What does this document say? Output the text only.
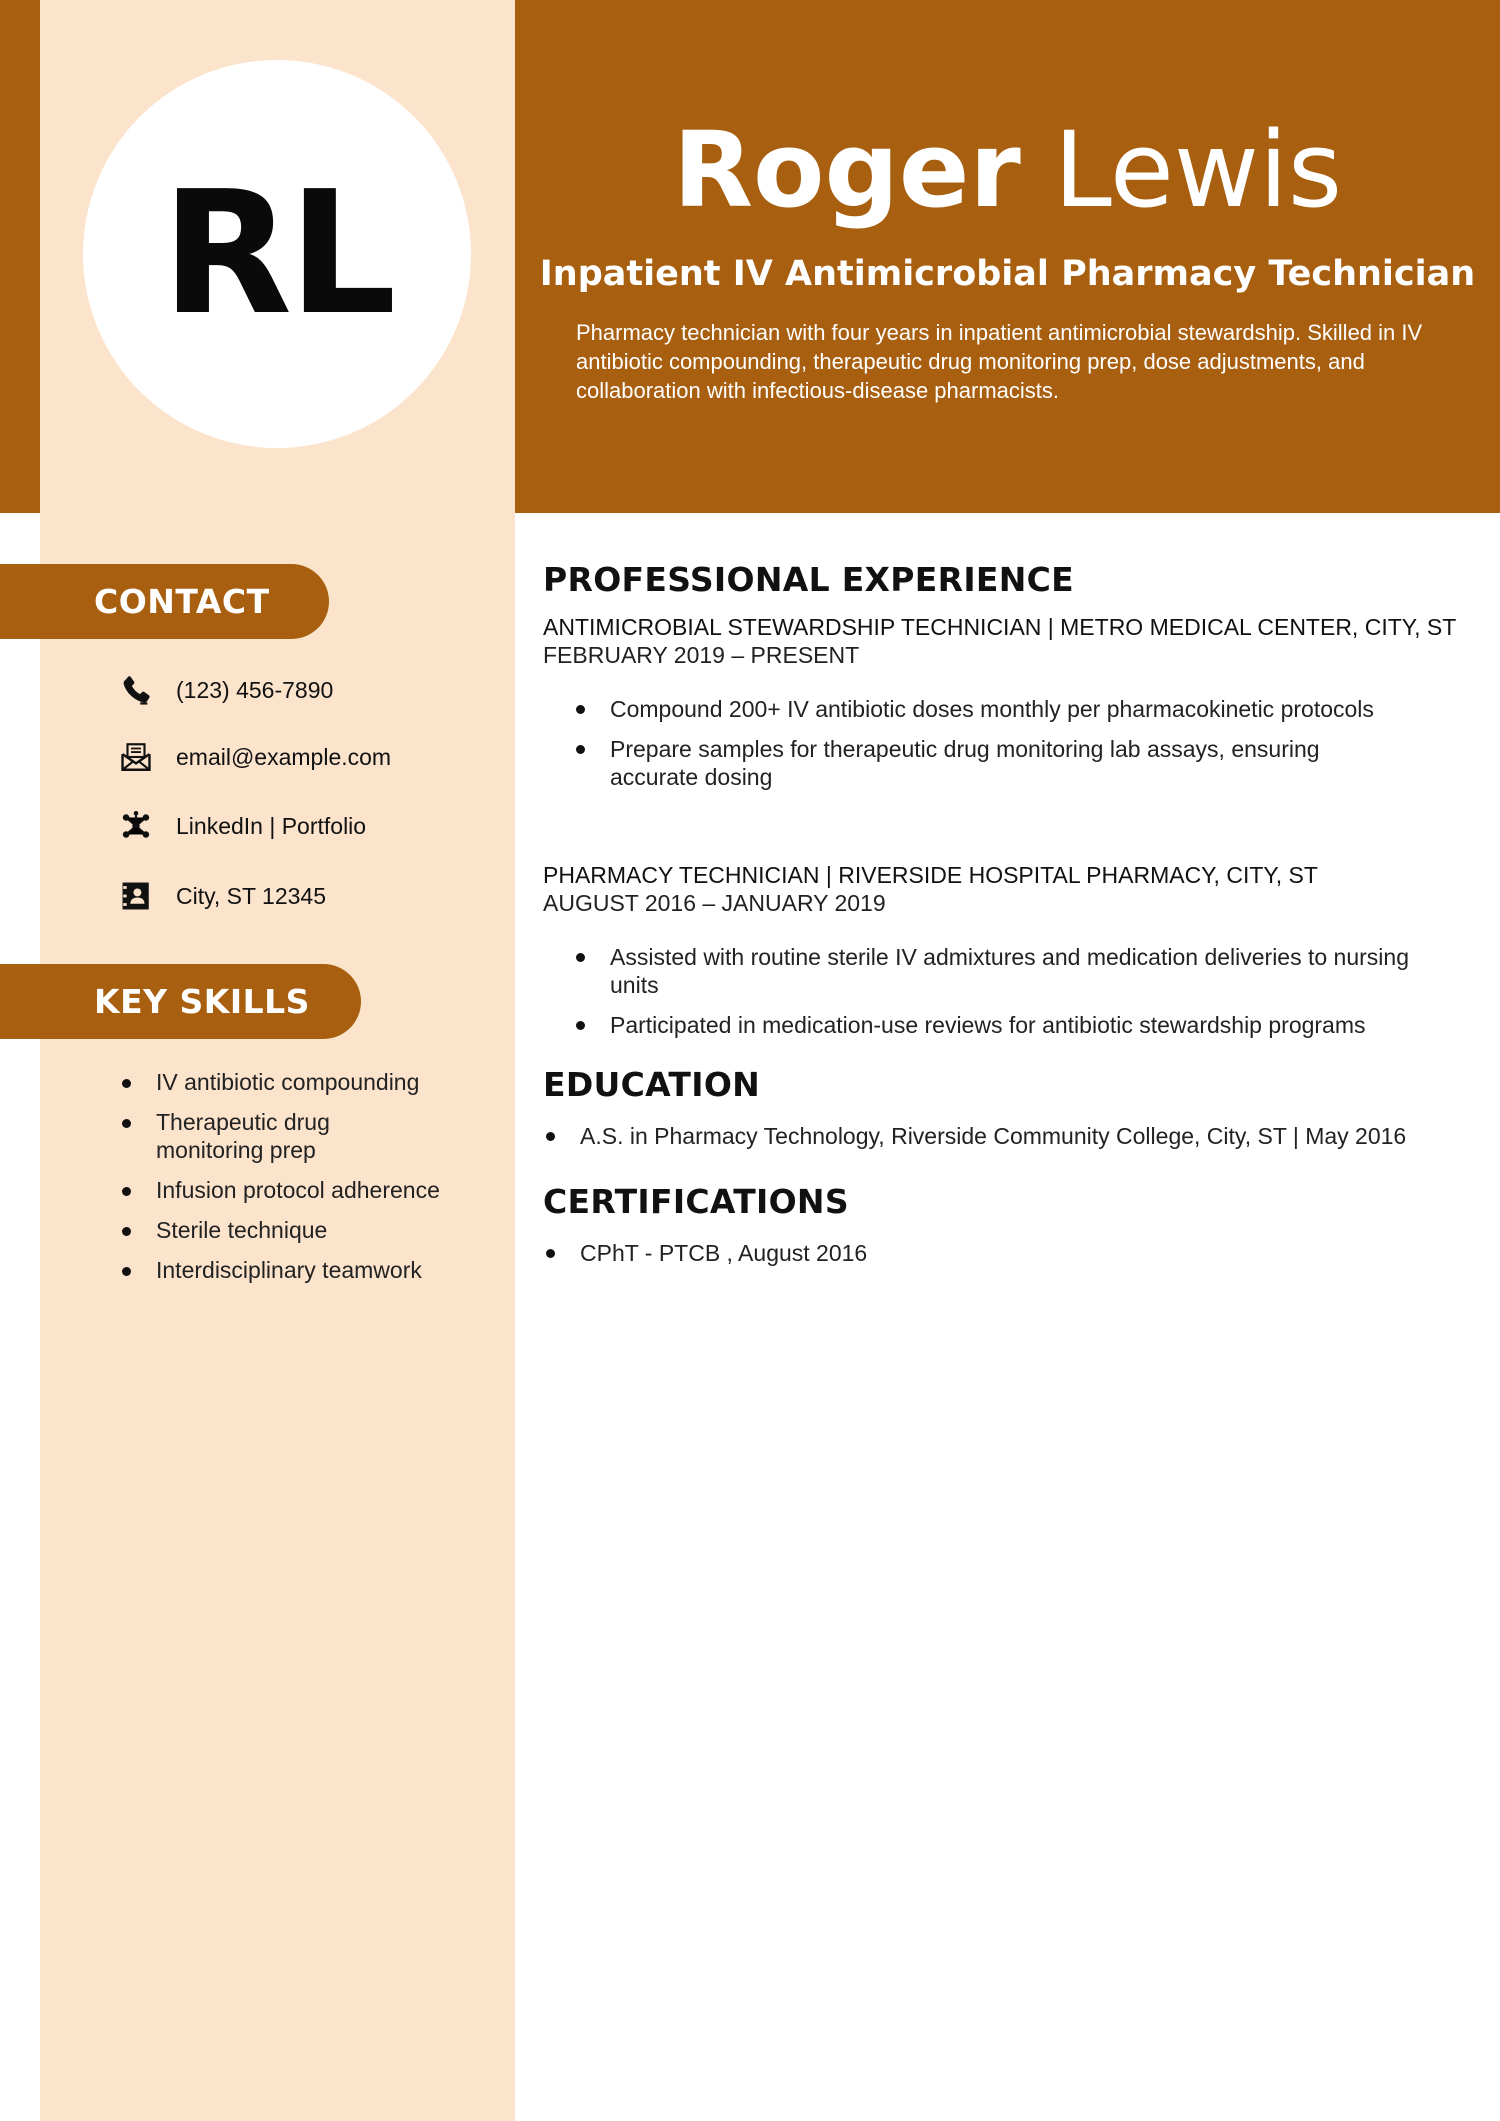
RL	Roger Lewis
Inpatient IV Antimicrobial Pharmacy Technician
Pharmacy technician with four years in inpatient antimicrobial stewardship. Skilled in IV antibiotic compounding, therapeutic drug monitoring prep, dose adjustments, and collaboration with infectious-disease pharmacists.
CONTACT
(123) 456-7890
email@example.com
LinkedIn | Portfolio
City, ST 12345
KEY SKILLS
IV antibiotic compounding
Therapeutic drug monitoring prep
Infusion protocol adherence
Sterile technique
Interdisciplinary teamwork
PROFESSIONAL EXPERIENCE
ANTIMICROBIAL STEWARDSHIP TECHNICIAN | METRO MEDICAL CENTER, CITY, ST
FEBRUARY 2019 – PRESENT
Compound 200+ IV antibiotic doses monthly per pharmacokinetic protocols
Prepare samples for therapeutic drug monitoring lab assays, ensuring accurate dosing
PHARMACY TECHNICIAN | RIVERSIDE HOSPITAL PHARMACY, CITY, ST
AUGUST 2016 – JANUARY 2019
Assisted with routine sterile IV admixtures and medication deliveries to nursing units
Participated in medication-use reviews for antibiotic stewardship programs
EDUCATION
A.S. in Pharmacy Technology, Riverside Community College, City, ST | May 2016
CERTIFICATIONS
CPhT - PTCB , August 2016
